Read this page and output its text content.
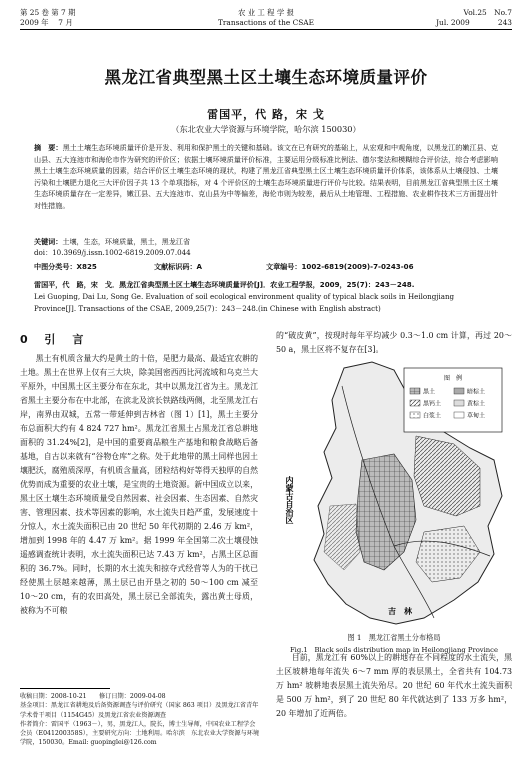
第 25 卷 第 7 期	农 业 工 程 学 报	Vol.25　No.7
2009 年　 7 月	Transactions of the CSAE	Jul. 2009	243
黑龙江省典型黑土区土壤生态环境质量评价
雷国平，代 路，宋 戈
（东北农业大学资源与环境学院，哈尔滨 150030）
摘　要：黑土土壤生态环境质量评价是开发、利用和保护黑土的关键和基础。该文在已有研究的基础上，从宏观和中观角度，以黑龙江的嫩江县、克山县、五大连池市和海伦市作为研究的评价区；依据土壤环境质量评价标准，主要运用分级标准比例法、德尔斐法和模糊综合评价法，综合考虑影响黑土土壤生态环境质量的因素，结合评价区土壤生态环境的现状，构建了黑龙江省典型黑土区土壤生态环境质量评价体系，该体系从土壤侵蚀、土壤污染和土壤肥力退化三大评价因子共 13 个单项指标，对 4 个评价区的土壤生态环境质量进行评价与比较。结果表明，目前黑龙江省典型黑土区土壤生态环境质量存在一定差异，嫩江县、五大连池市、克山县为中等偏差，海伦市则为较差，最后从土地管理、工程措施、农业耕作技术三方面提出针对性措施。
关键词：土壤，生态，环境质量，黑土，黑龙江省
doi：10.3969/j.issn.1002-6819.2009.07.044
中图分类号：X825	文献标识码：A	文章编号：1002-6819(2009)-7-0243-06
雷国平，代　路，宋　戈．黑龙江省典型黑土区土壤生态环境质量评价[J]．农业工程学报，2009，25(7)：243－248.
Lei Guoping, Dai Lu, Song Ge. Evaluation of soil ecological environment quality of typical black soils in Heilongjiang Province[J]. Transactions of the CSAE, 2009,25(7)：243－248.(in Chinese with English abstract)
0 引　言

黑土有机质含量大约是黄土的十倍，是肥力最高、最适宜农耕的土地。黑土在世界上仅有三大块，除美国密西西比河流域和乌克兰大平原外，中国黑土区主要分布在东北，其中以黑龙江省为主。黑龙江省黑土主要分布在中北部，在滨北及滨长铁路线两侧，北至黑龙江右岸，南界由双城，五常一带延伸到吉林省（图 1）[1]，黑土主要分布总面积大约有 4 824 727 hm²。黑龙江省黑土占黑龙江省总耕地面积的 31.24%[2]，是中国的重要商品粮生产基地和粮食战略后备基地，自古以来就有“谷物仓库”之称。处于此地带的黑土同样也因土壤肥沃，腐殖质深厚，有机质含量高，团粒结构好等得天独厚的自然优势而成为重要的农业土壤，是宝贵的土地资源。新中国成立以来，黑土区土壤生态环境质量受自然因素、社会因素、生态因素、自然灾害、管理因素、技术等因素的影响，水土流失日趋严重，发展速度十分惊人，水土流失面积已由 20 世纪 50 年代初期的 2.46 万 km²，增加到 1998 年的 4.47 万 km²。据 1999 年全国第二次土壤侵蚀遥感调查统计表明，水土流失面积已达 7.43 万 km²，占黑土区总面积的 36.7%。同时，长期的水土流失和掠夺式经营等人为的干扰已经使黑土层越来越薄，黑土层已由开垦之初的 50～100 cm 减至 10～20 cm，有的农田高处，黑土层已全部流失，露出黄土母质，被称为不可粮

的“破皮黄”，按现时每年平均减少 0.3～1.0 cm 计算，再过 20～50 a，黑土区将不复存在[3]。

图　例
黑土
黑钙土
白浆土
暗棕土
黄棕土
草甸土
内蒙古自治区
吉　林
图 1　黑龙江省黑土分布格局
Fig.1　Black soils distribution map in Heilongjiang Province

目前，黑龙江有 60%以上的耕地存在不同程度的水土流失，黑土区坡耕地每年流失 6～7 mm 厚的表层黑土，全省共有 104.73 万 hm² 坡耕地表层黑土流失殆尽。20 世纪 60 年代水土流失面积是 500 万 hm²，到了 20 世纪 80 年代就达到了 133 万多 hm²，20 年增加了近两倍。

收稿日期：2008-10-21　　修订日期：2009-04-08

基金项目：黑龙江省耕地及后备资源调查与评价研究（国家 863 项目）及黑龙江省青年学术骨干项目（1154G45）及黑龙江省农业资源调查

作者简介：雷国平（1963－），男，黑龙江人，院长，博士生导师，中国农业工程学会会员（E041200358S），主要研究方向：土地利用。哈尔滨　东北农业大学资源与环境学院，150030。Email: guopinglei@126.com
